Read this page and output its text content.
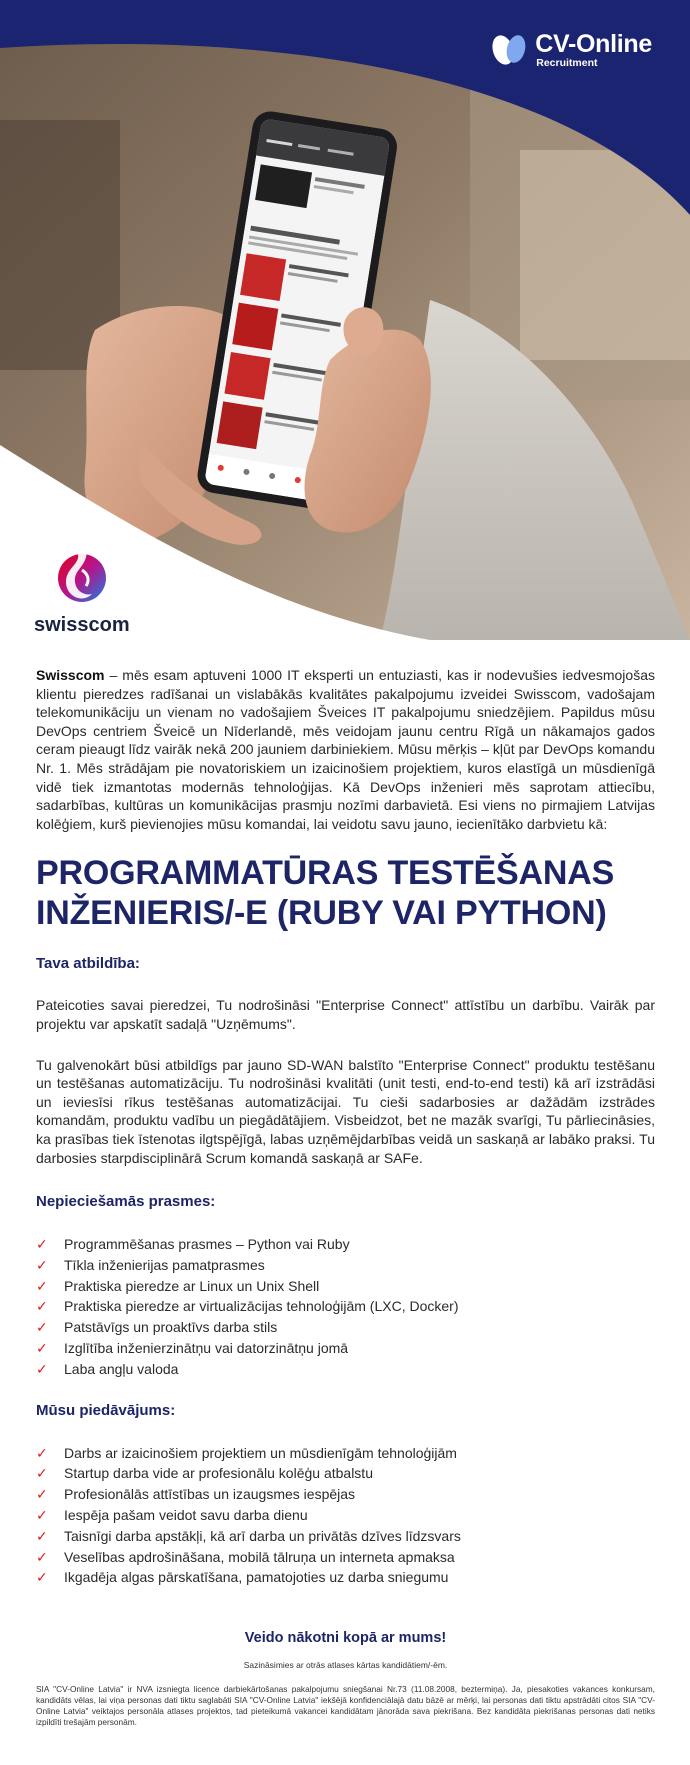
CV-Online
Recruitment
swisscom

Swisscom – mēs esam aptuveni 1000 IT eksperti un entuziasti, kas ir nodevušies iedvesmojošas klientu pieredzes radīšanai un vislabākās kvalitātes pakalpojumu izveidei Swisscom, vadošajam telekomunikāciju un vienam no vadošajiem Šveices IT pakalpojumu sniedzējiem. Papildus mūsu DevOps centriem Šveicē un Nīderlandē, mēs veidojam jaunu centru Rīgā un nākamajos gados ceram pieaugt līdz vairāk nekā 200 jauniem darbiniekiem. Mūsu mērķis – kļūt par DevOps komandu Nr. 1. Mēs strādājam pie novatoriskiem un izaicinošiem projektiem, kuros elastīgā un mūsdienīgā vidē tiek izmantotas modernās tehnoloģijas. Kā DevOps inženieri mēs saprotam attiecību, sadarbības, kultūras un komunikācijas prasmju nozīmi darbavietā. Esi viens no pirmajiem Latvijas kolēģiem, kurš pievienojies mūsu komandai, lai veidotu savu jauno, iecienītāko darbvietu kā:

PROGRAMMATŪRAS TESTĒŠANAS INŽENIERIS/-E (RUBY VAI PYTHON)
Tava atbildība:

Pateicoties savai pieredzei, Tu nodrošināsi "Enterprise Connect" attīstību un darbību. Vairāk par projektu var apskatīt sadaļā "Uzņēmums".

Tu galvenokārt būsi atbildīgs par jauno SD-WAN balstīto "Enterprise Connect" produktu testēšanu un testēšanas automatizāciju. Tu nodrošināsi kvalitāti (unit testi, end-to-end testi) kā arī izstrādāsi un ieviesīsi rīkus testēšanas automatizācijai. Tu cieši sadarbosies ar dažādām izstrādes komandām, produktu vadību un piegādātājiem. Visbeidzot, bet ne mazāk svarīgi, Tu pārliecināsies, ka prasības tiek īstenotas ilgtspējīgā, labas uzņēmējdarbības veidā un saskaņā ar labāko praksi. Tu darbosies starpdisciplinārā Scrum komandā saskaņā ar SAFe.

Nepieciešamās prasmes:
✓ Programmēšanas prasmes – Python vai Ruby
✓ Tīkla inženierijas pamatprasmes
✓ Praktiska pieredze ar Linux un Unix Shell
✓ Praktiska pieredze ar virtualizācijas tehnoloģijām (LXC, Docker)
✓ Patstāvīgs un proaktīvs darba stils
✓ Izglītība inženierzinātņu vai datorzinātņu jomā
✓ Laba angļu valoda
Mūsu piedāvājums:
✓ Darbs ar izaicinošiem projektiem un mūsdienīgām tehnoloģijām
✓ Startup darba vide ar profesionālu kolēģu atbalstu
✓ Profesionālās attīstības un izaugsmes iespējas
✓ Iespēja pašam veidot savu darba dienu
✓ Taisnīgi darba apstākļi, kā arī darba un privātās dzīves līdzsvars
✓ Veselības apdrošināšana, mobilā tālruņa un interneta apmaksa
✓ Ikgadēja algas pārskatīšana, pamatojoties uz darba sniegumu
Veido nākotni kopā ar mums!
Sazināsimies ar otrās atlases kārtas kandidātiem/-ēm.

SIA "CV-Online Latvia" ir NVA izsniegta licence darbiekārtošanas pakalpojumu sniegšanai Nr.73 (11.08.2008, beztermiņa). Ja, piesakoties vakances konkursam, kandidāts vēlas, lai viņa personas dati tiktu saglabāti SIA "CV-Online Latvia" iekšējā konfidenciālajā datu bāzē ar mērķi, lai personas dati tiktu apstrādāti citos SIA "CV-Online Latvia" veiktajos personāla atlases projektos, tad pieteikumā vakancei kandidātam jānorāda sava piekrišana. Bez kandidāta piekrišanas personas dati netiks izpildīti trešajām personām.
